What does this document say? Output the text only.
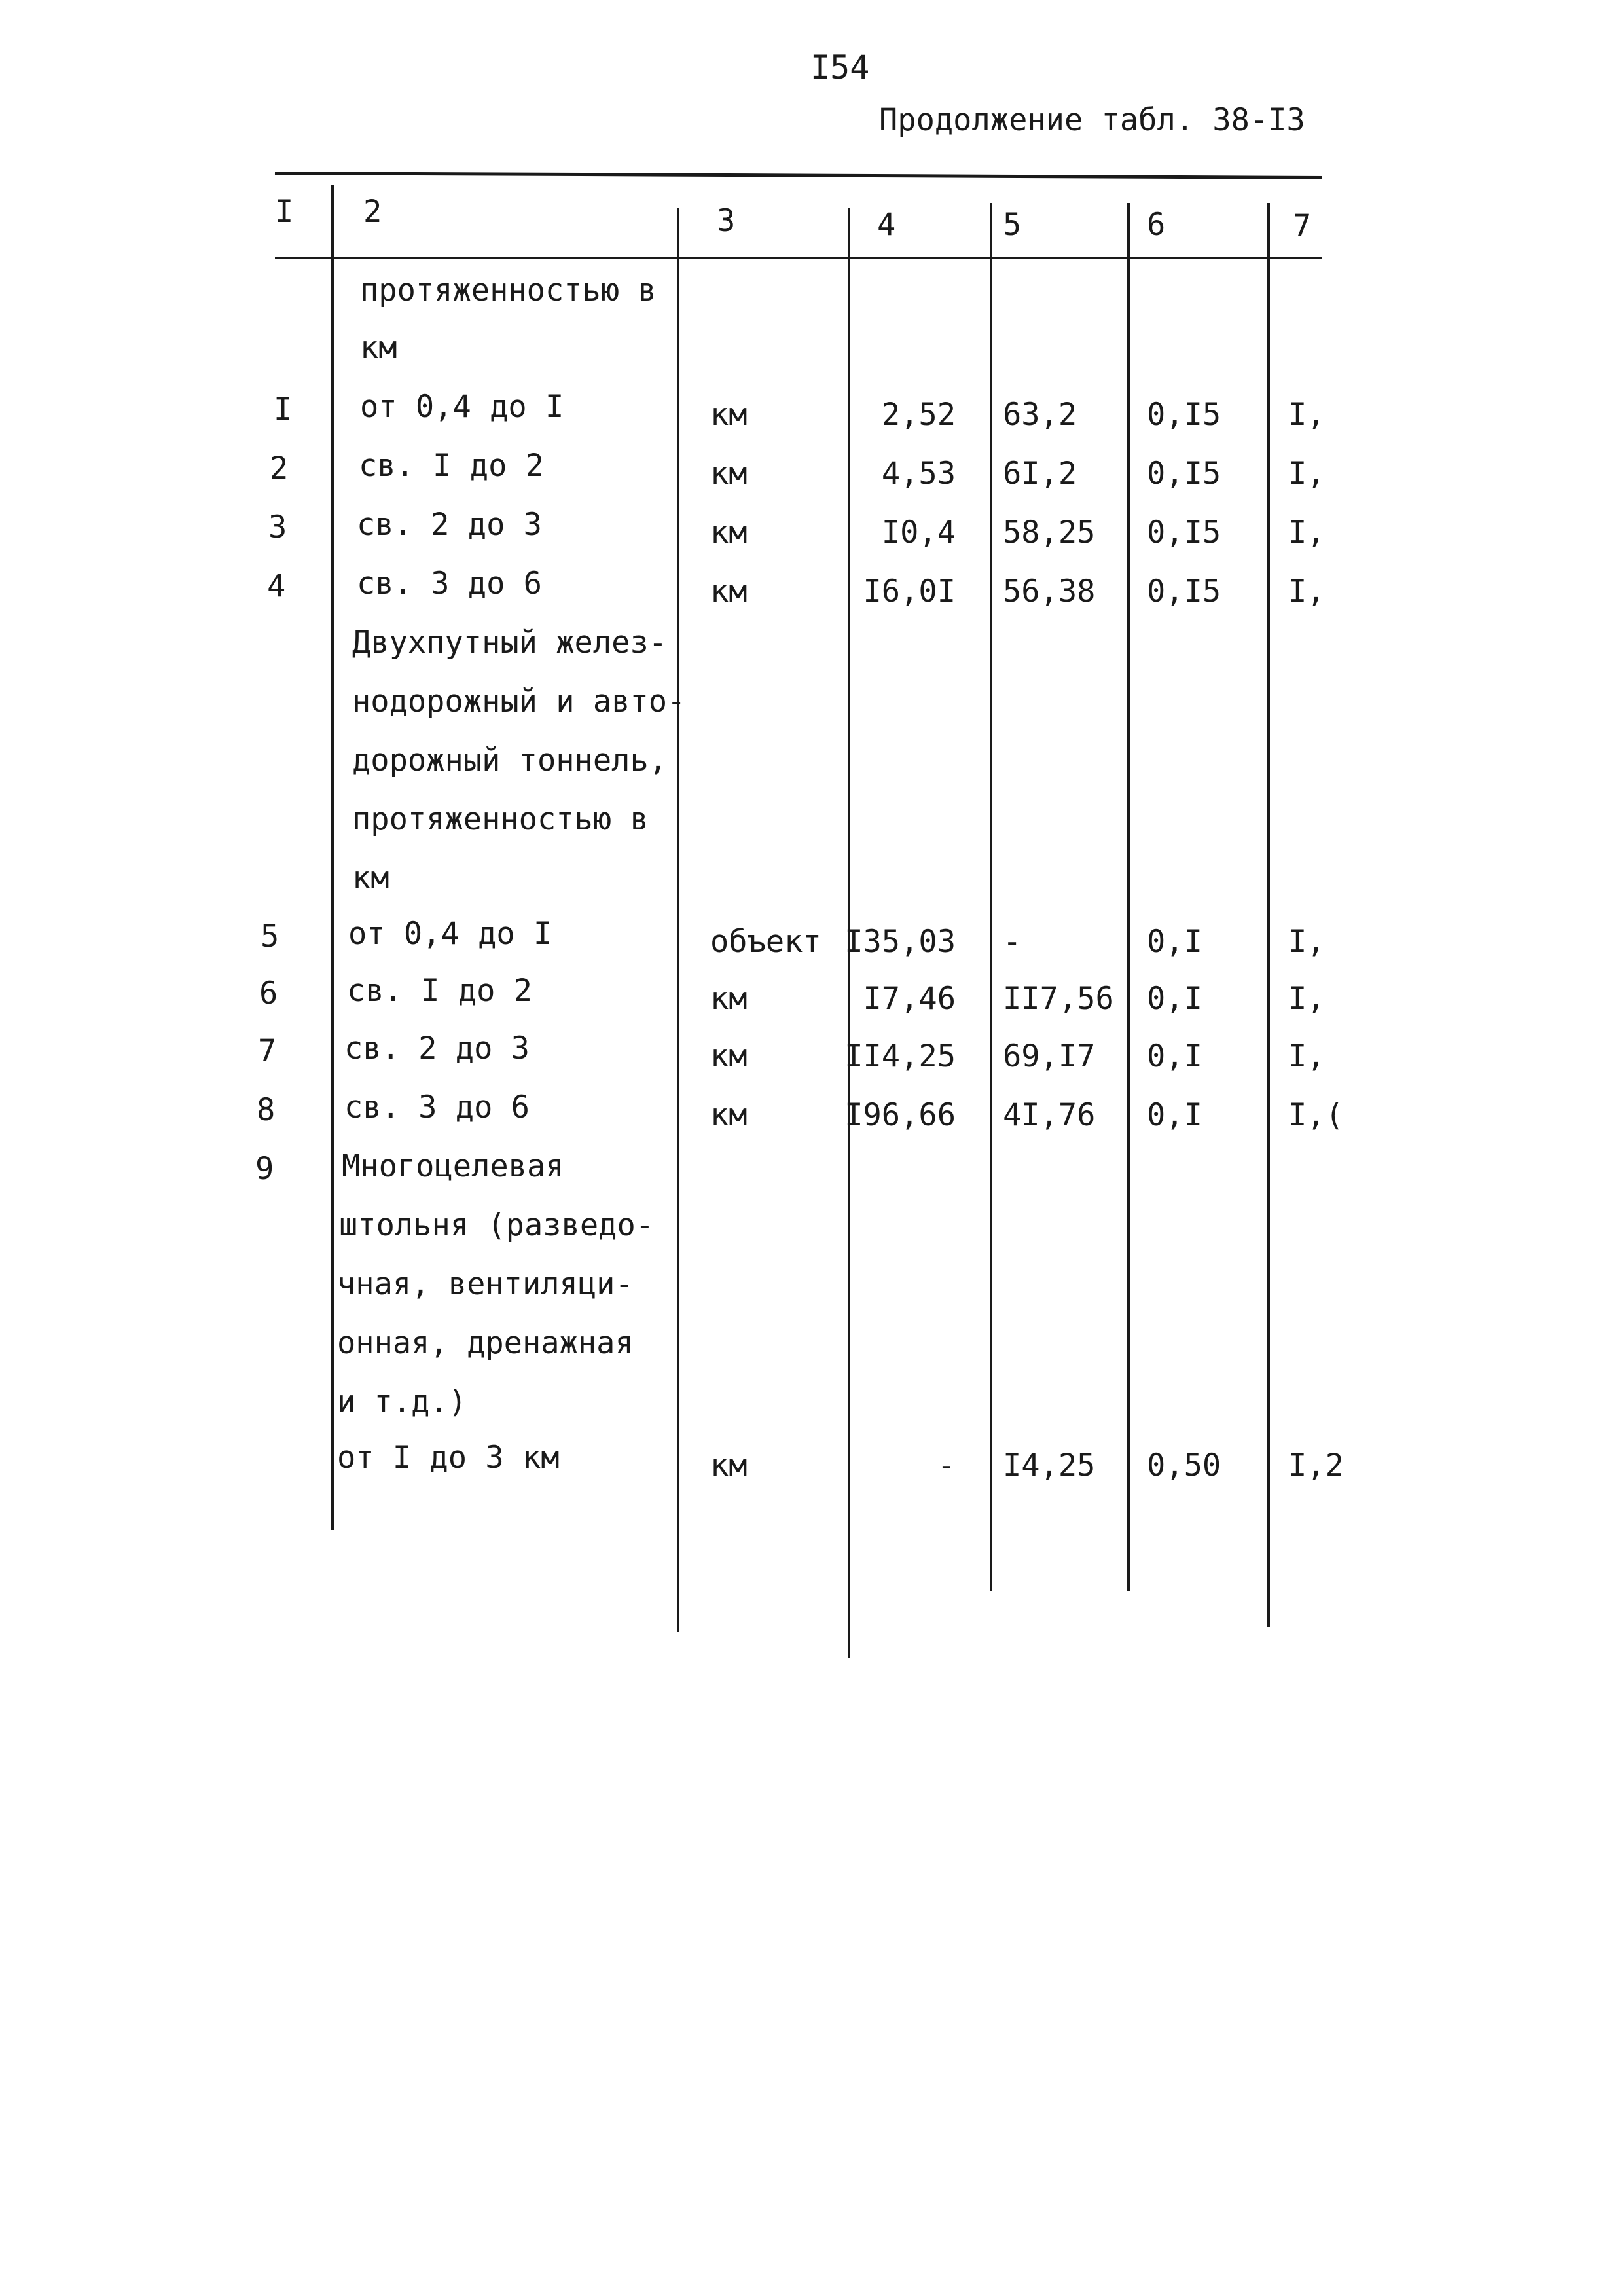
I54
Продолжение табл. 38-I3
I 2	3	4	5	6	7
протяженностью в
км
I от 0,4 до I	км	2,52 63,2 0,I5 I,
2 св. I до 2	км	4,53 6I,2 0,I5 I,
3 св. 2 до 3	км	I0,4 58,25 0,I5 I,
4 св. 3 до 6	км	I6,0I 56,38 0,I5 I,
Двухпутный желез-
нодорожный и авто-
дорожный тоннель,
протяженностью в
км
5 от 0,4 до I	объект I35,03 -	0,I	I,
6 св. I до 2	км	I7,46 II7,56 0,I	I,
7 св. 2 до 3	км	II4,25 69,I7 0,I	I,
8 св. 3 до 6	км	I96,66 4I,76 0,I	I,(
9 Многоцелевая
штольня (разведо-
чная, вентиляци-
онная, дренажная
и т.д.)
от I до 3 км	км	- I4,25 0,50 I,2
